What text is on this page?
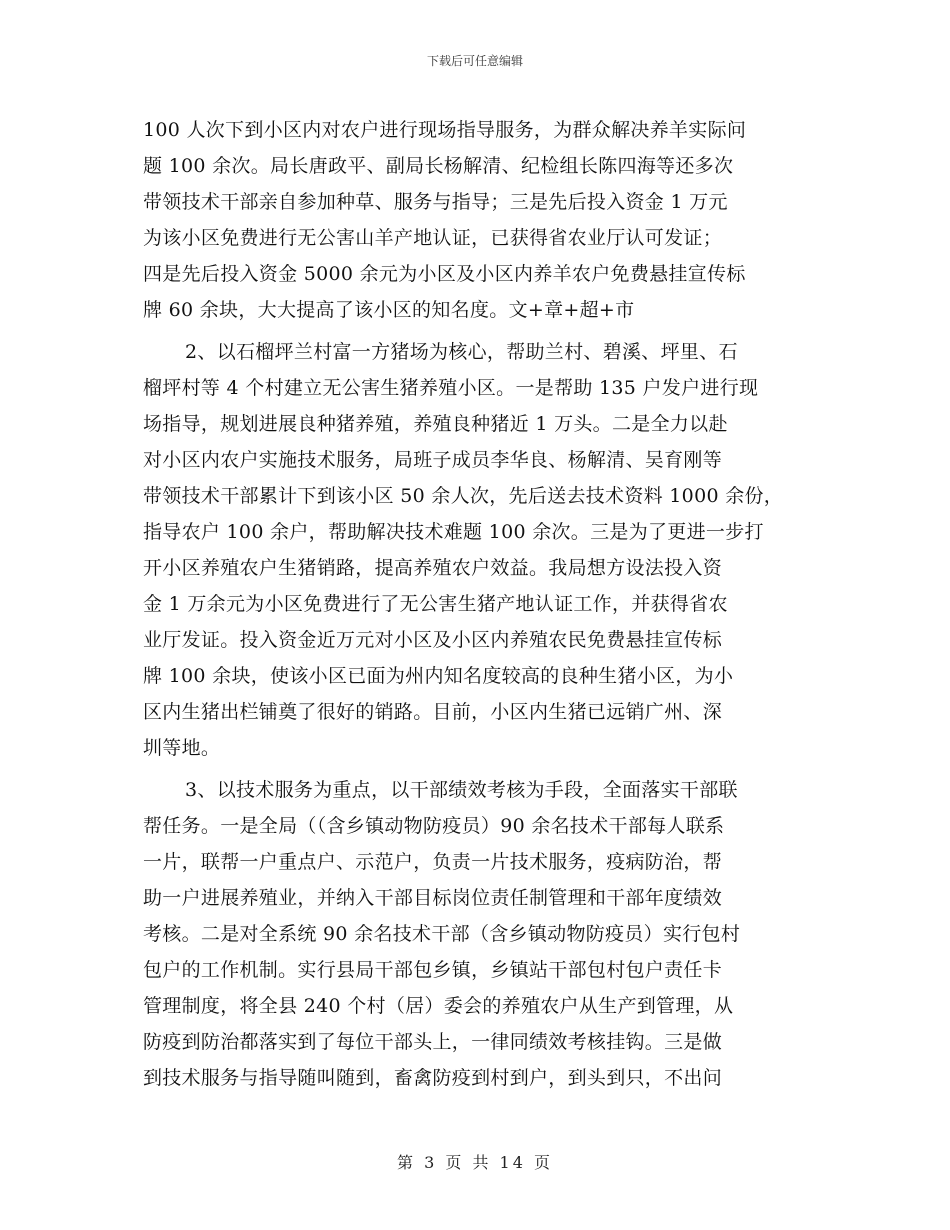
下载后可任意编辑
100 人次下到小区内对农户进行现场指导服务，为群众解决养羊实际问
题 100 余次。局长唐政平、副局长杨解清、纪检组长陈四海等还多次
带领技术干部亲自参加种草、服务与指导；三是先后投入资金 1 万元
为该小区免费进行无公害山羊产地认证，已获得省农业厅认可发证；
四是先后投入资金 5000 余元为小区及小区内养羊农户免费悬挂宣传标
牌 60 余块，大大提高了该小区的知名度。文+章+超+市
2、以石榴坪兰村富一方猪场为核心，帮助兰村、碧溪、坪里、石
榴坪村等 4 个村建立无公害生猪养殖小区。一是帮助 135 户发户进行现
场指导，规划进展良种猪养殖，养殖良种猪近 1 万头。二是全力以赴
对小区内农户实施技术服务，局班子成员李华良、杨解清、吴育刚等
带领技术干部累计下到该小区 50 余人次，先后送去技术资料 1000 余份，
指导农户 100 余户，帮助解决技术难题 100 余次。三是为了更进一步打
开小区养殖农户生猪销路，提高养殖农户效益。我局想方设法投入资
金 1 万余元为小区免费进行了无公害生猪产地认证工作，并获得省农
业厅发证。投入资金近万元对小区及小区内养殖农民免费悬挂宣传标
牌 100 余块，使该小区已面为州内知名度较高的良种生猪小区，为小
区内生猪出栏铺奠了很好的销路。目前，小区内生猪已远销广州、深
圳等地。
3、以技术服务为重点，以干部绩效考核为手段，全面落实干部联
帮任务。一是全局（（含乡镇动物防疫员）90 余名技术干部每人联系
一片，联帮一户重点户、示范户，负责一片技术服务，疫病防治，帮
助一户进展养殖业，并纳入干部目标岗位责任制管理和干部年度绩效
考核。二是对全系统 90 余名技术干部（含乡镇动物防疫员）实行包村
包户的工作机制。实行县局干部包乡镇，乡镇站干部包村包户责任卡
管理制度，将全县 240 个村（居）委会的养殖农户从生产到管理，从
防疫到防治都落实到了每位干部头上，一律同绩效考核挂钩。三是做
到技术服务与指导随叫随到，畜禽防疫到村到户，到头到只，不出问
第 3 页 共 14 页
